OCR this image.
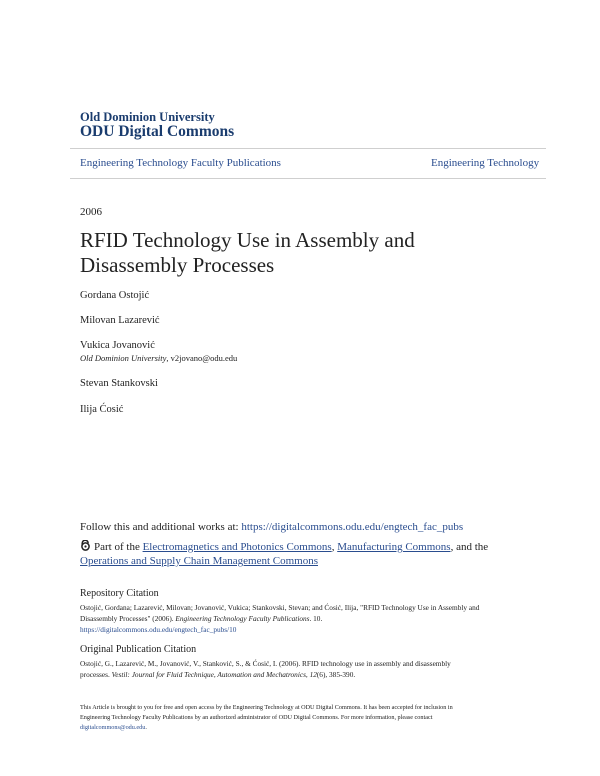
Old Dominion University
ODU Digital Commons
Engineering Technology Faculty Publications	Engineering Technology
2006
RFID Technology Use in Assembly and
Disassembly Processes
Gordana Ostojić
Milovan Lazarević
Vukica Jovanović
Old Dominion University, v2jovano@odu.edu
Stevan Stankovski
Ilija Ćosić
Follow this and additional works at: https://digitalcommons.odu.edu/engtech_fac_pubs
Part of the Electromagnetics and Photonics Commons, Manufacturing Commons, and the
Operations and Supply Chain Management Commons
Repository Citation
Ostojić, Gordana; Lazarević, Milovan; Jovanović, Vukica; Stankovski, Stevan; and Ćosić, Ilija, "RFID Technology Use in Assembly and
Disassembly Processes" (2006). Engineering Technology Faculty Publications. 10.
https://digitalcommons.odu.edu/engtech_fac_pubs/10
Original Publication Citation
Ostojić, G., Lazarević, M., Jovanović, V., Stanković, S., & Ćosić, I. (2006). RFID technology use in assembly and disassembly
processes. Vestil: Journal for Fluid Technique, Automation and Mechatronics, 12(6), 385-390.
This Article is brought to you for free and open access by the Engineering Technology at ODU Digital Commons. It has been accepted for inclusion in
Engineering Technology Faculty Publications by an authorized administrator of ODU Digital Commons. For more information, please contact
digitalcommons@odu.edu.
